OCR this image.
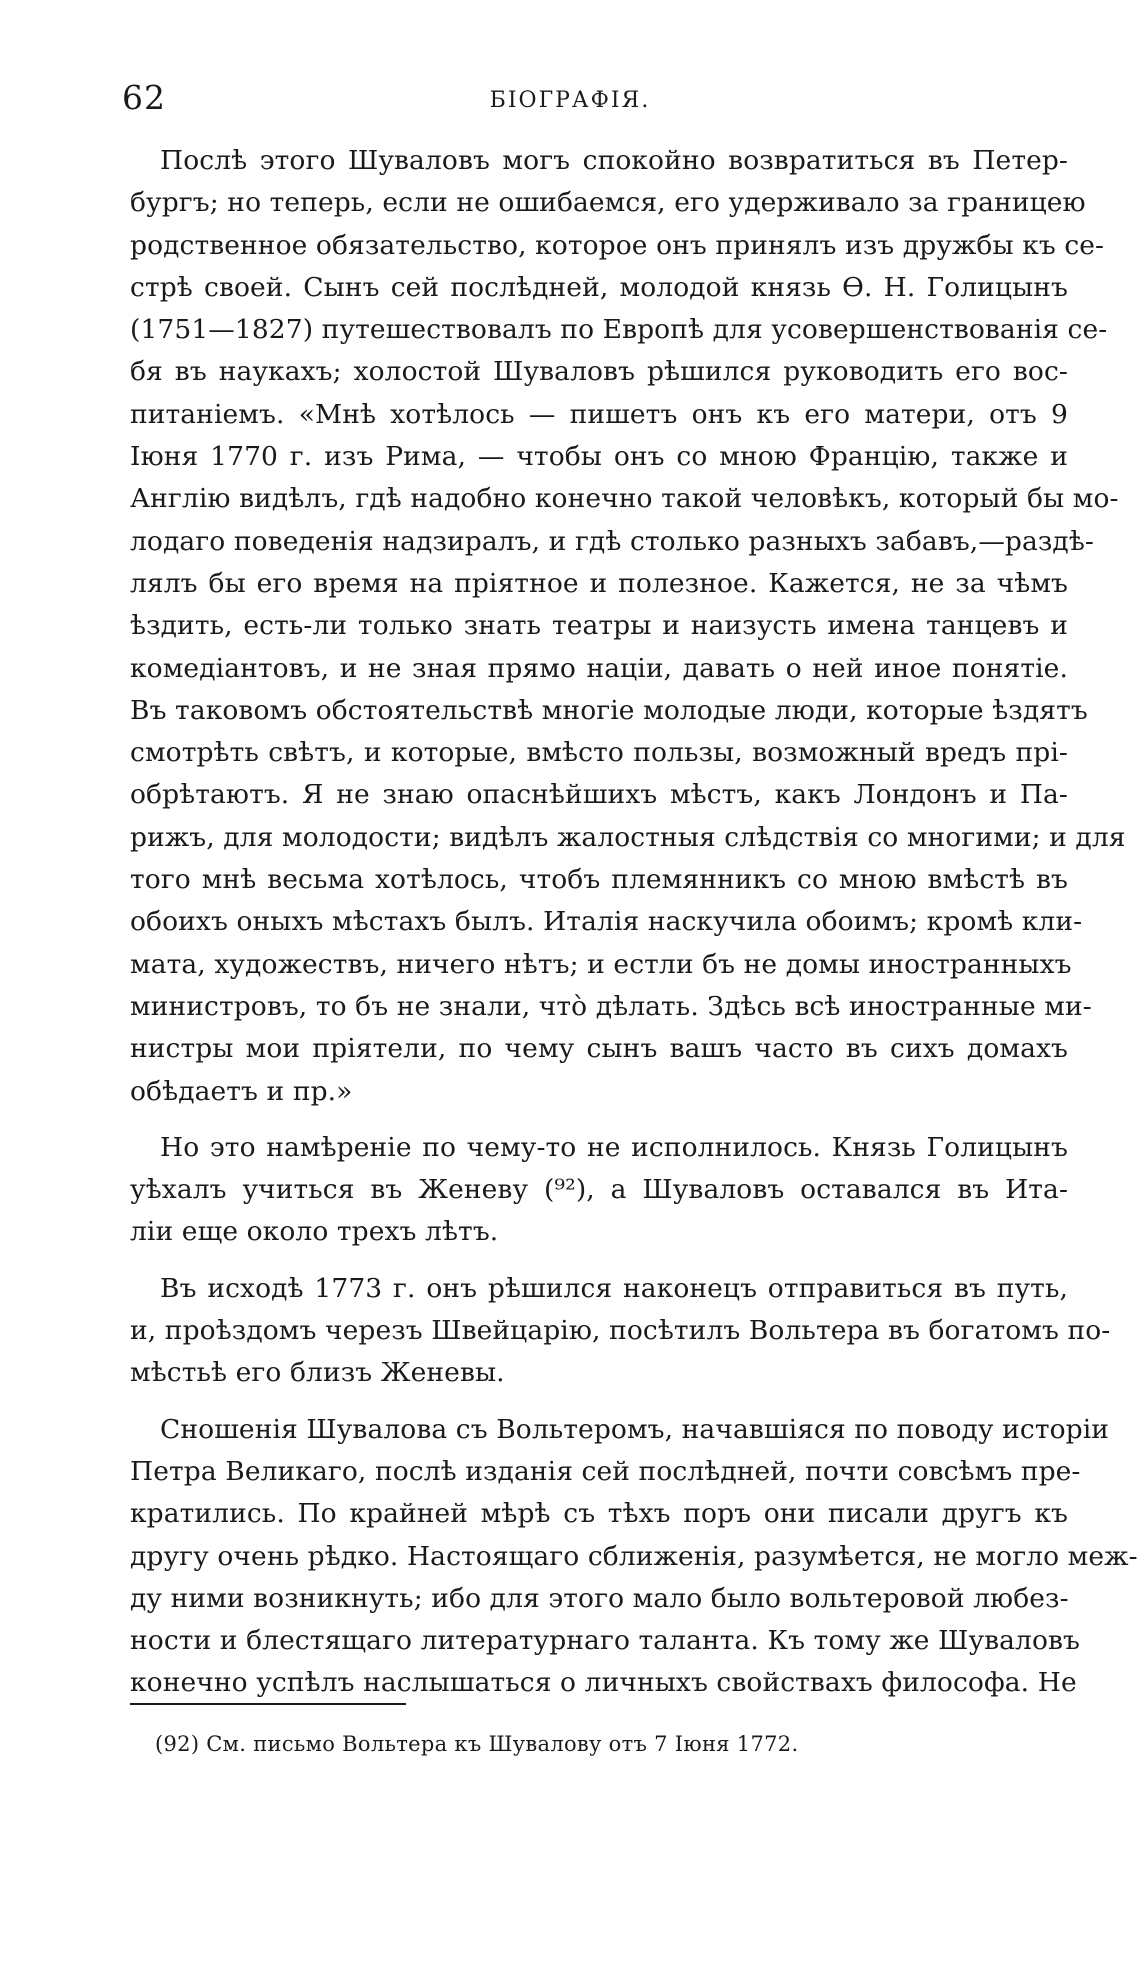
62	БІОГРАФІЯ.
Послѣ этого Шуваловъ могъ спокойно возвратиться въ Петер-
бургъ; но теперь, если не ошибаемся, его удерживало за границею
родственное обязательство, которое онъ принялъ изъ дружбы къ се-
стрѣ своей. Сынъ сей послѣдней, молодой князь Ѳ. Н. Голицынъ
(1751—1827) путешествовалъ по Европѣ для усовершенствованія се-
бя въ наукахъ; холостой Шуваловъ рѣшился руководить его вос-
питаніемъ. «Мнѣ хотѣлось — пишетъ онъ къ его матери, отъ 9
Іюня 1770 г. изъ Рима, — чтобы онъ со мною Францію, также и
Англію видѣлъ, гдѣ надобно конечно такой человѣкъ, который бы мо-
лодаго поведенія надзиралъ, и гдѣ столько разныхъ забавъ,—раздѣ-
лялъ бы его время на пріятное и полезное. Кажется, не за чѣмъ
ѣздить, есть-ли только знать театры и наизусть имена танцевъ и
комедіантовъ, и не зная прямо націи, давать о ней иное понятіе.
Въ таковомъ обстоятельствѣ многіе молодые люди, которые ѣздятъ
смотрѣть свѣтъ, и которые, вмѣсто пользы, возможный вредъ прі-
обрѣтаютъ. Я не знаю опаснѣйшихъ мѣстъ, какъ Лондонъ и Па-
рижъ, для молодости; видѣлъ жалостныя слѣдствія со многими; и для
того мнѣ весьма хотѣлось, чтобъ племянникъ со мною вмѣстѣ въ
обоихъ оныхъ мѣстахъ былъ. Италія наскучила обоимъ; кромѣ кли-
мата, художествъ, ничего нѣтъ; и естли бъ не домы иностранныхъ
министровъ, то бъ не знали, что̀ дѣлать. Здѣсь всѣ иностранные ми-
нистры мои пріятели, по чему сынъ вашъ часто въ сихъ домахъ
обѣдаетъ и пр.»
Но это намѣреніе по чему-то не исполнилось. Князь Голицынъ
уѣхалъ учиться въ Женеву (⁹²), а Шуваловъ оставался въ Ита-
ліи еще около трехъ лѣтъ.
Въ исходѣ 1773 г. онъ рѣшился наконецъ отправиться въ путь,
и, проѣздомъ черезъ Швейцарію, посѣтилъ Вольтера въ богатомъ по-
мѣстьѣ его близъ Женевы.
Сношенія Шувалова съ Вольтеромъ, начавшіяся по поводу исторіи
Петра Великаго, послѣ изданія сей послѣдней, почти совсѣмъ пре-
кратились. По крайней мѣрѣ съ тѣхъ поръ они писали другъ къ
другу очень рѣдко. Настоящаго сближенія, разумѣется, не могло меж-
ду ними возникнуть; ибо для этого мало было вольтеровой любез-
ности и блестящаго литературнаго таланта. Къ тому же Шуваловъ
конечно успѣлъ наслышаться о личныхъ свойствахъ философа. Не
(92) См. письмо Вольтера къ Шувалову отъ 7 Іюня 1772.
